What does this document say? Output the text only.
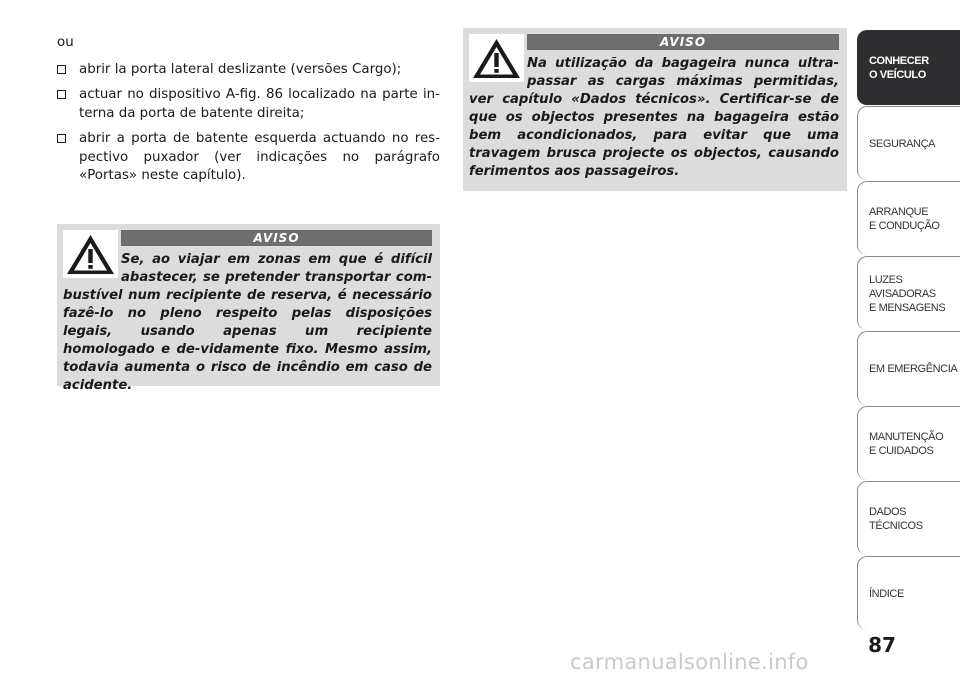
ou

abrir la porta lateral deslizante (versões Cargo);
actuar no dispositivo A-fig. 86 localizado na parte in-terna da porta de batente direita;
abrir a porta de batente esquerda actuando no res-pectivo puxador (ver indicações no parágrafo «Portas» neste capítulo).
AVISO
Se, ao viajar em zonas em que é difícil abastecer, se pretender transportar com-bustível num recipiente de reserva, é necessário fazê-lo no pleno respeito pelas disposições legais, usando apenas um recipiente homologado e de-vidamente fixo. Mesmo assim, todavia aumenta o risco de incêndio em caso de acidente.
AVISO
Na utilização da bagageira nunca ultra-passar as cargas máximas permitidas, ver capítulo «Dados técnicos». Certificar-se de que os objectos presentes na bagageira estão bem acondicionados, para evitar que uma travagem brusca projecte os objectos, causando ferimentos aos passageiros.
CONHECER
O VEÍCULO
SEGURANÇA
ARRANQUE
E CONDUÇÃO
LUZES AVISADORAS
E MENSAGENS
EM EMERGÊNCIA
MANUTENÇÃO
E CUIDADOS
DADOS TÉCNICOS
ÍNDICE
87
carmanualsonline.info
